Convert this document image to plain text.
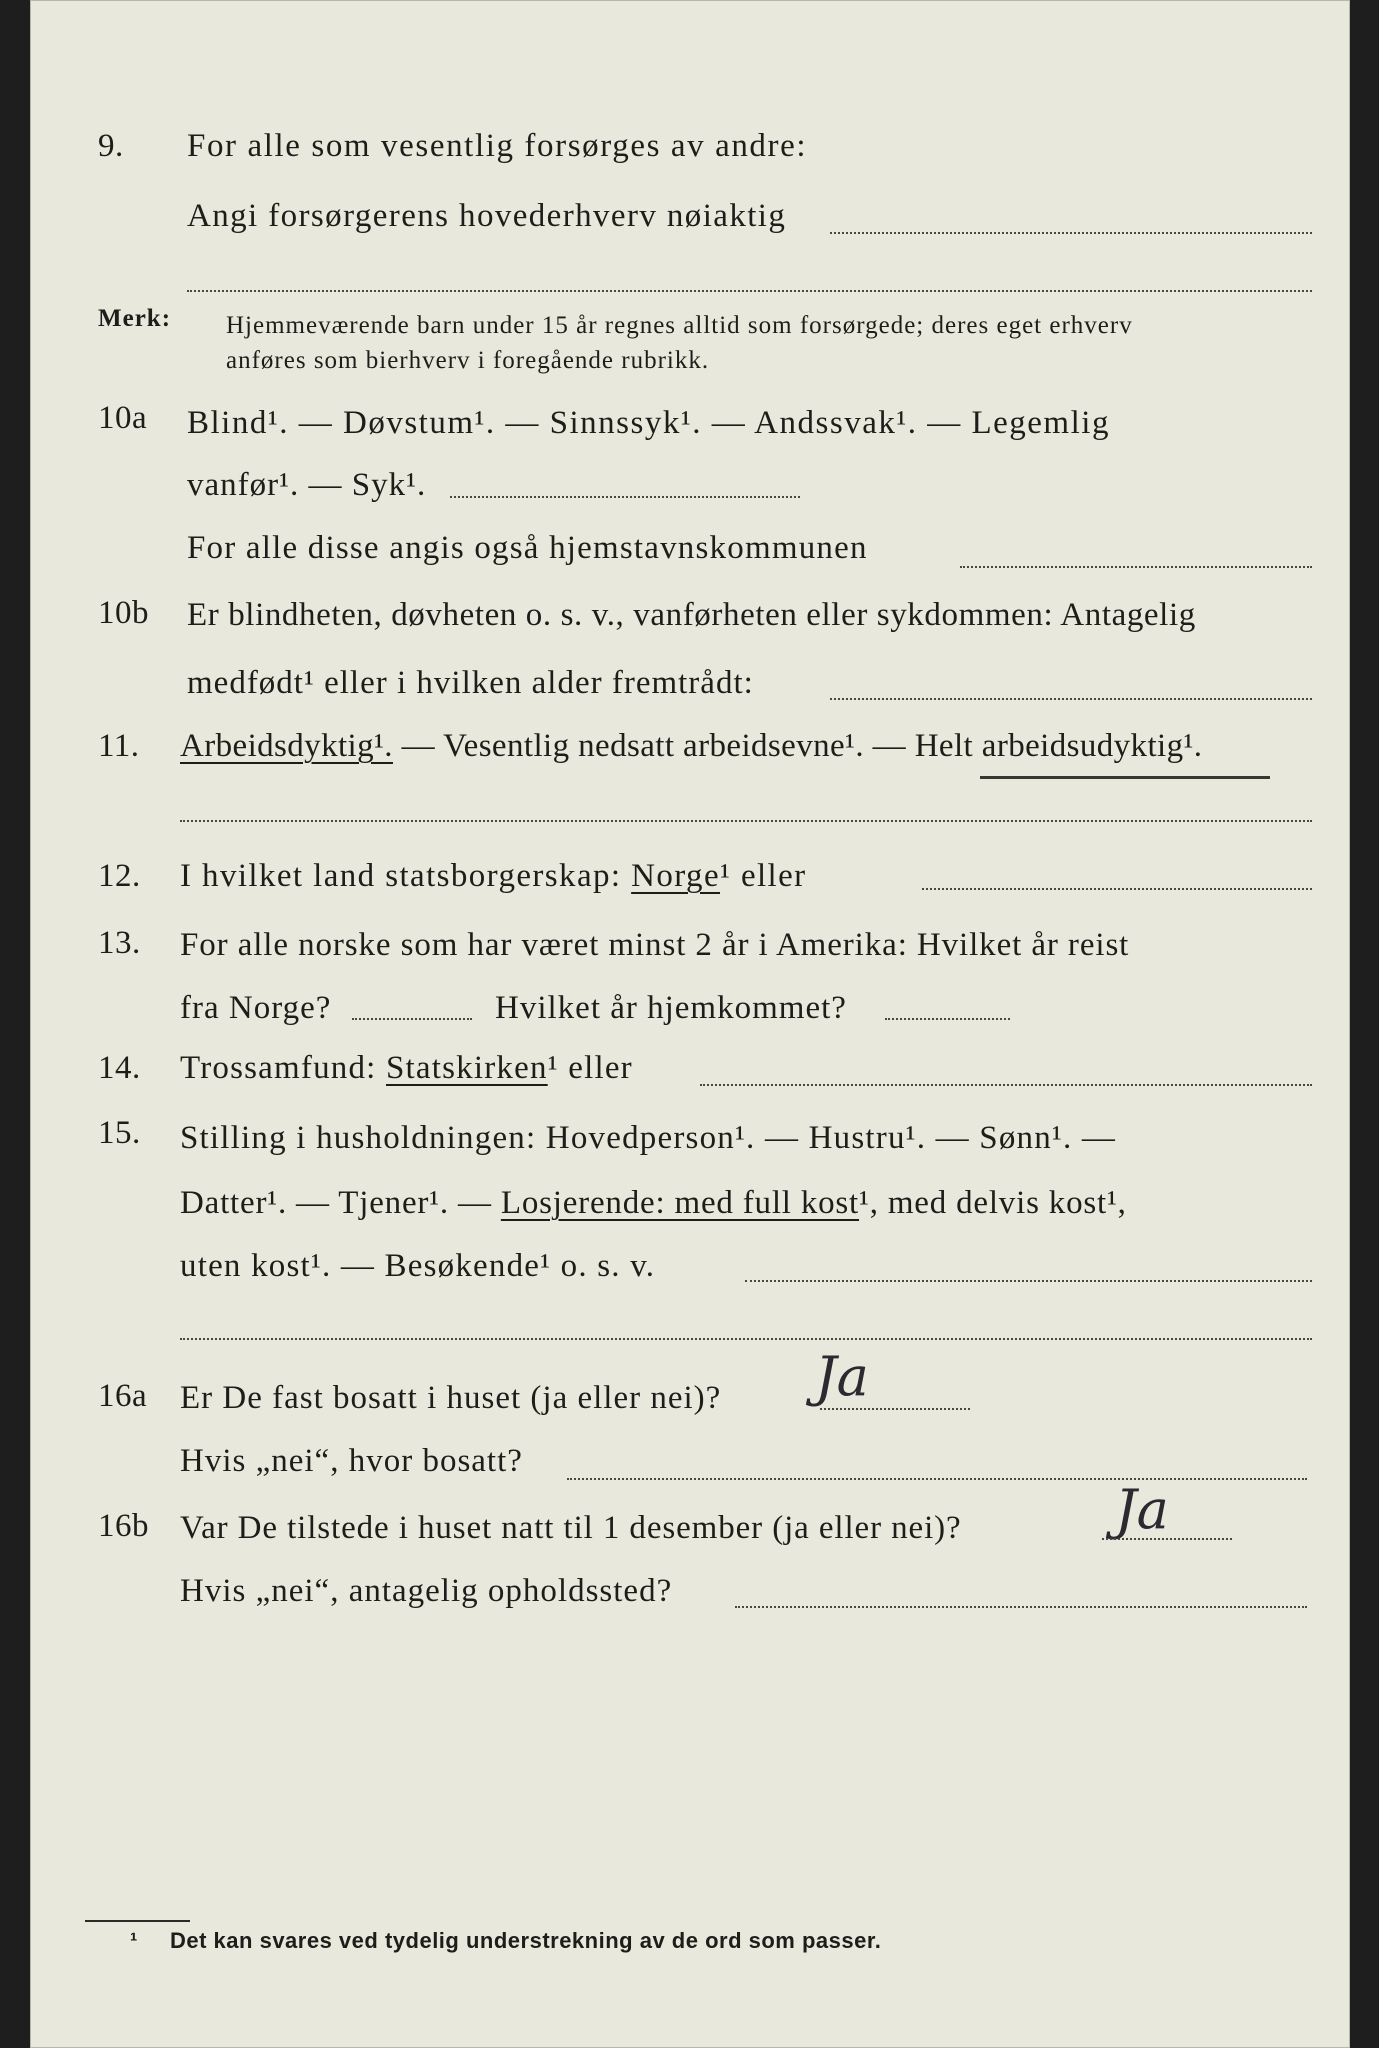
9. For alle som vesentlig forsørges av andre:
Angi forsørgerens hovederhverv nøiaktig
Merk: Hjemmeværende barn under 15 år regnes alltid som forsørgede; deres eget erhverv
anføres som bierhverv i foregående rubrikk.
10a Blind¹. — Døvstum¹. — Sinnssyk¹. — Andssvak¹. — Legemlig
vanfør¹. — Syk¹.
For alle disse angis også hjemstavnskommunen
10b Er blindheten, døvheten o. s. v., vanførheten eller sykdommen: Antagelig
medfødt¹ eller i hvilken alder fremtrådt:
11. Arbeidsdyktig¹. — Vesentlig nedsatt arbeidsevne¹. — Helt arbeidsudyktig¹.
12. I hvilket land statsborgerskap: Norge¹ eller
13. For alle norske som har været minst 2 år i Amerika: Hvilket år reist
fra Norge?	Hvilket år hjemkommet?
14. Trossamfund: Statskirken¹ eller
15. Stilling i husholdningen: Hovedperson¹. — Hustru¹. — Sønn¹. —
Datter¹. — Tjener¹. — Losjerende: med full kost¹, med delvis kost¹,
uten kost¹. — Besøkende¹ o. s. v.
16a Er De fast bosatt i huset (ja eller nei)? Ja
Hvis „nei“, hvor bosatt?
16b Var De tilstede i huset natt til 1 desember (ja eller nei)?	Ja
Hvis „nei“, antagelig opholdssted?
¹ Det kan svares ved tydelig understrekning av de ord som passer.
